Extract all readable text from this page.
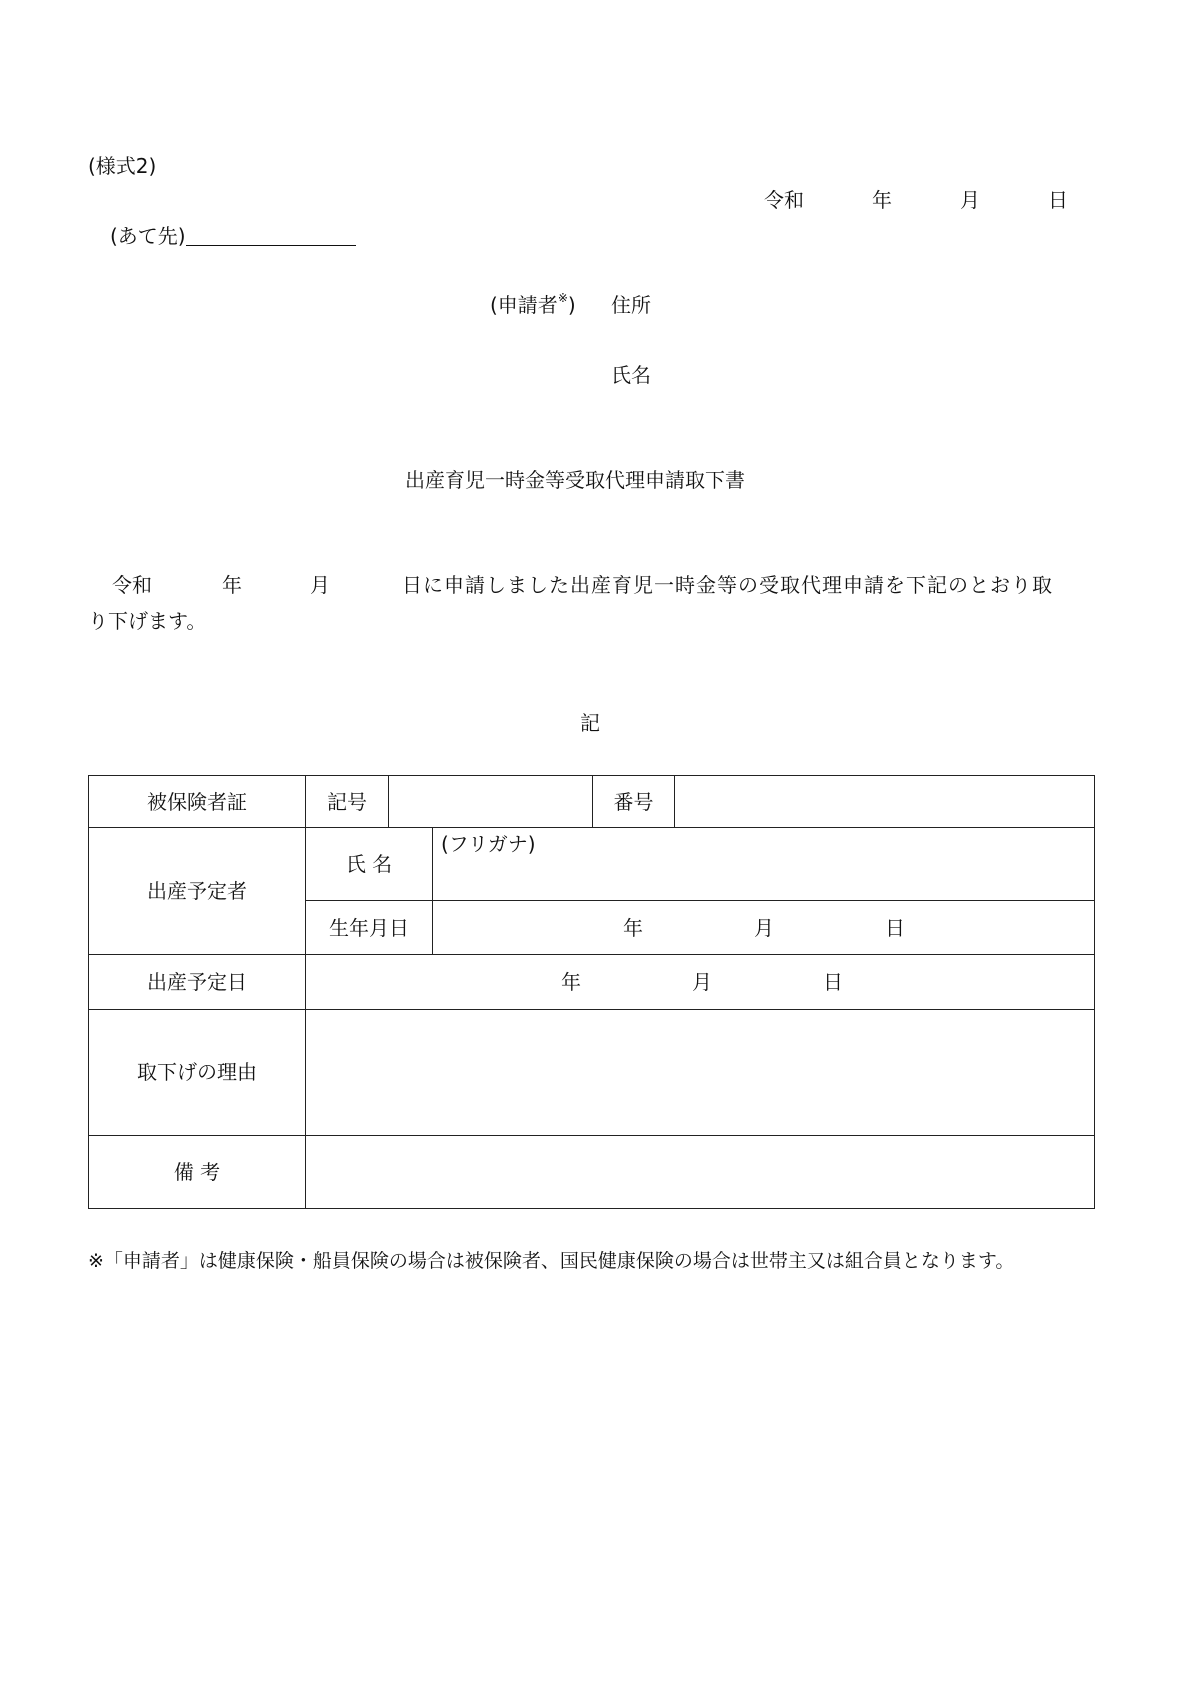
(様式2)
令和	年	月	日
(あて先)
(申請者※) 住所
氏名
出産育児一時金等受取代理申請取下書
令和	年	月	日に申請しました出産育児一時金等の受取代理申請を下記のとおり取
り下げます。
記
被保険者証	記号			番号	
出産予定者	氏 名		(フリガナ)		
	生年月日		年 月 日		

出産予定日	年 月 日				

取下げの理由					
備 考					
※「申請者」は健康保険・船員保険の場合は被保険者、国民健康保険の場合は世帯主又は組合員となります。
